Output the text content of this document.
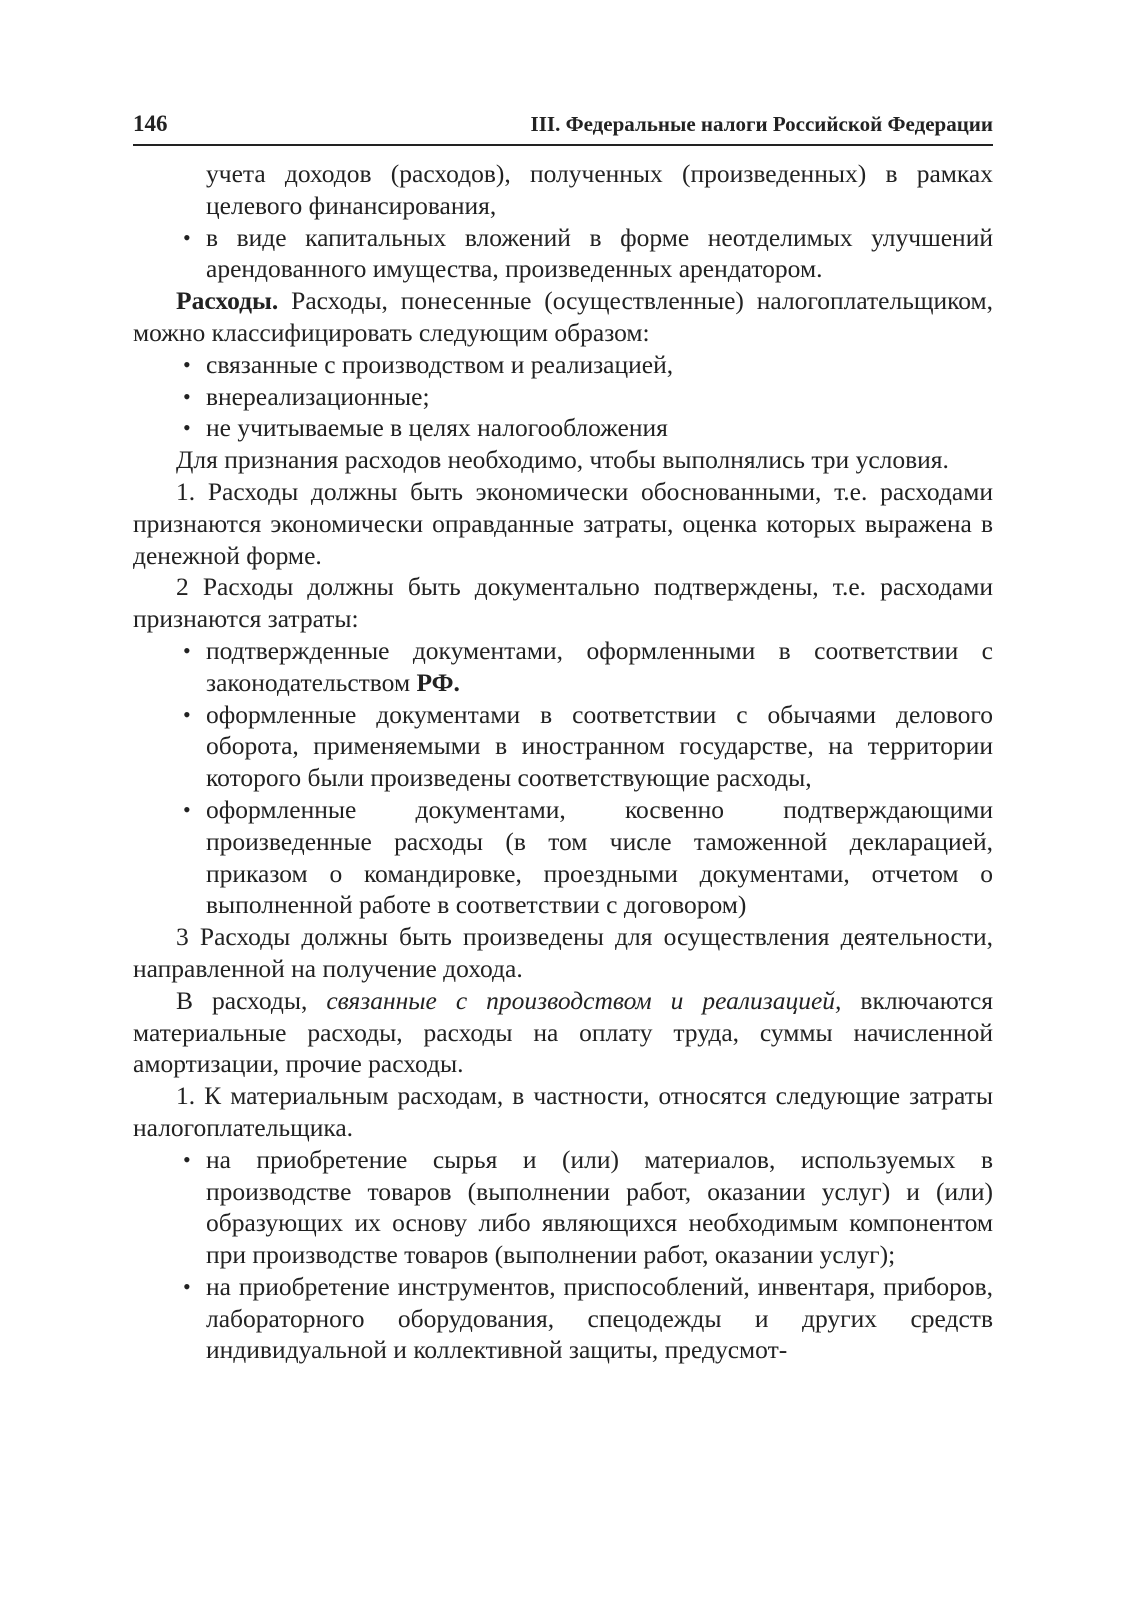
146	III. Федеральные налоги Российской Федерации

учета доходов (расходов), полученных (произведенных) в рамках целевого финансирования,

• в виде капитальных вложений в форме неотделимых улучшений арендованного имущества, произведенных арендатором.

Расходы. Расходы, понесенные (осуществленные) налогоплательщиком, можно классифицировать следующим образом:

• связанные с производством и реализацией,

• внереализационные;

• не учитываемые в целях налогообложения

Для признания расходов необходимо, чтобы выполнялись три условия.

1. Расходы должны быть экономически обоснованными, т.е. расходами признаются экономически оправданные затраты, оценка которых выражена в денежной форме.

2 Расходы должны быть документально подтверждены, т.е. расходами признаются затраты:

• подтвержденные документами, оформленными в соответствии с законодательством РФ.

• оформленные документами в соответствии с обычаями делового оборота, применяемыми в иностранном государстве, на территории которого были произведены соответствующие расходы,

• оформленные документами, косвенно подтверждающими произведенные расходы (в том числе таможенной декларацией, приказом о командировке, проездными документами, отчетом о выполненной работе в соответствии с договором)

3 Расходы должны быть произведены для осуществления деятельности, направленной на получение дохода.

В расходы, связанные с производством и реализацией, включаются материальные расходы, расходы на оплату труда, суммы начисленной амортизации, прочие расходы.

1. К материальным расходам, в частности, относятся следующие затраты налогоплательщика.

• на приобретение сырья и (или) материалов, используемых в производстве товаров (выполнении работ, оказании услуг) и (или) образующих их основу либо являющихся необходимым компонентом при производстве товаров (выполнении работ, оказании услуг);

• на приобретение инструментов, приспособлений, инвентаря, приборов, лабораторного оборудования, спецодежды и других средств индивидуальной и коллективной защиты, предусмот-
